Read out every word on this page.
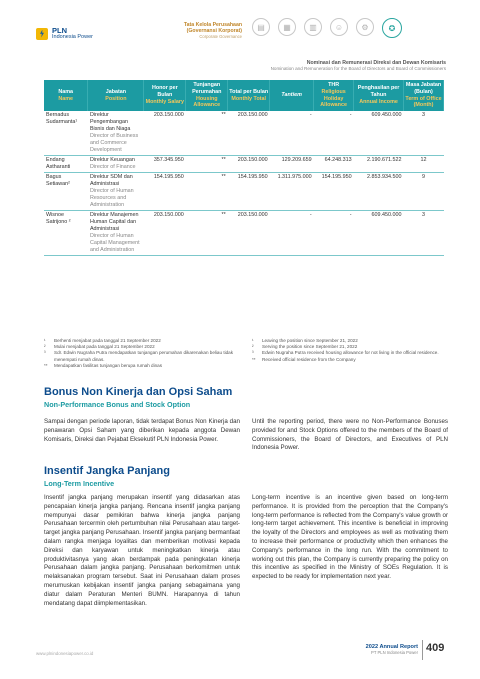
PLN
Indonesia Power
Tata Kelola Perusahaan
(Governansi Korporat)
Corporate Governance
▤	▦	▥	☺	⚙	✪
Nominasi dan Remunerasi Direksi dan Dewan Komisaris
Nomination and Remuneration for the Board of Directors and Board of Commissioners
Nama
Name	Jabatan
Position	Honor per Bulan
Monthly Salary	Tunjangan Perumahan
Housing Allowance	Total per Bulan
Monthly Total	Tantiem	THR
Religious Holiday Allowance	Penghasilan per Tahun
Annual Income	Masa Jabatan (Bulan)
Term of Office (Month)

Bernadus Sudarmanta¹	Direktur Pengembangan Bisnis dan Niaga
Director of Business and Commerce Development	203.150.000	**	203.150.000	-	-	609.450.000	3
Endang Astharanti	Direktur Keuangan
Director of Finance	357.345.950	**	203.150.000	129.209.659	64.248.313	2.190.671.522	12
Bagus Setiawan²	Direktur SDM dan Administrasi
Director of Human Resources and Administration	154.195.950	**	154.195.950	1.311.975.000	154.195.950	2.853.934.500	9
Wisnoe Satrijono ²	Direktur Manajemen Human Capital dan Administrasi
Director of Human Capital Management and Administration	203.150.000	**	203.150.000	-	-	609.450.000	3
¹	Berhenti menjabat pada tanggal 21 September 2022
²	Mulai menjabat pada tanggal 21 September 2022
³	Sdr. Edwin Nugraha Putra mendapatkan tunjangan perumahan dikarenakan beliau tidak menempati rumah dinas.
**	Mendapatkan fasilitas tunjangan berupa rumah dinas
¹	Leaving the position since September 21, 2022
²	Serving the position since September 21, 2022
³	Edwin Nugraha Putra received housing allowance for not living in the official residence.
**	Received official residence from the Company
Bonus Non Kinerja dan Opsi Saham
Non-Performance Bonus and Stock Option

Sampai dengan periode laporan, tidak terdapat Bonus Non Kinerja dan penawaran Opsi Saham yang diberikan kepada anggota Dewan Komisaris, Direksi dan Pejabat Eksekutif PLN Indonesia Power.

Until the reporting period, there were no Non-Performance Bonuses provided for and Stock Options offered to the members of the Board of Commissioners, the Board of Directors, and Executives of PLN Indonesia Power.

Insentif Jangka Panjang
Long-Term Incentive

Insentif jangka panjang merupakan insentif yang didasarkan atas pencapaian kinerja jangka panjang. Rencana insentif jangka panjang mempunyai dasar pemikiran bahwa kinerja jangka panjang Perusahaan tercermin oleh pertumbuhan nilai Perusahaan atau target-target jangka panjang Perusahaan. Insentif jangka panjang bermanfaat dalam rangka menjaga loyalitas dan memberikan motivasi kepada Direksi dan karyawan untuk meningkatkan kinerja atau produktivitasnya yang akan berdampak pada peningkatan kinerja Perusahaan dalam jangka panjang. Perusahaan berkomitmen untuk melaksanakan program tersebut. Saat ini Perusahaan dalam proses merumuskan kebijakan insentif jangka panjang sebagaimana yang diatur dalam Peraturan Menteri BUMN. Harapannya di tahun mendatang dapat diimplementasikan.

Long-term incentive is an incentive given based on long-term performance. It is provided from the perception that the Company's long-term performance is reflected from the Company's value growth or long-term target achievement. This incentive is beneficial in improving the loyalty of the Directors and employees as well as motivating them to increase their performance or productivity which then enhances the Company's performance in the long run. With the commitment to working out this plan, the Company is currently preparing the policy on this incentive as specified in the Ministry of SOEs Regulation. It is expected to be ready for implementation next year.

www.plnindonesiapower.co.id
2022 Annual Report
PT PLN Indonesia Power 409
